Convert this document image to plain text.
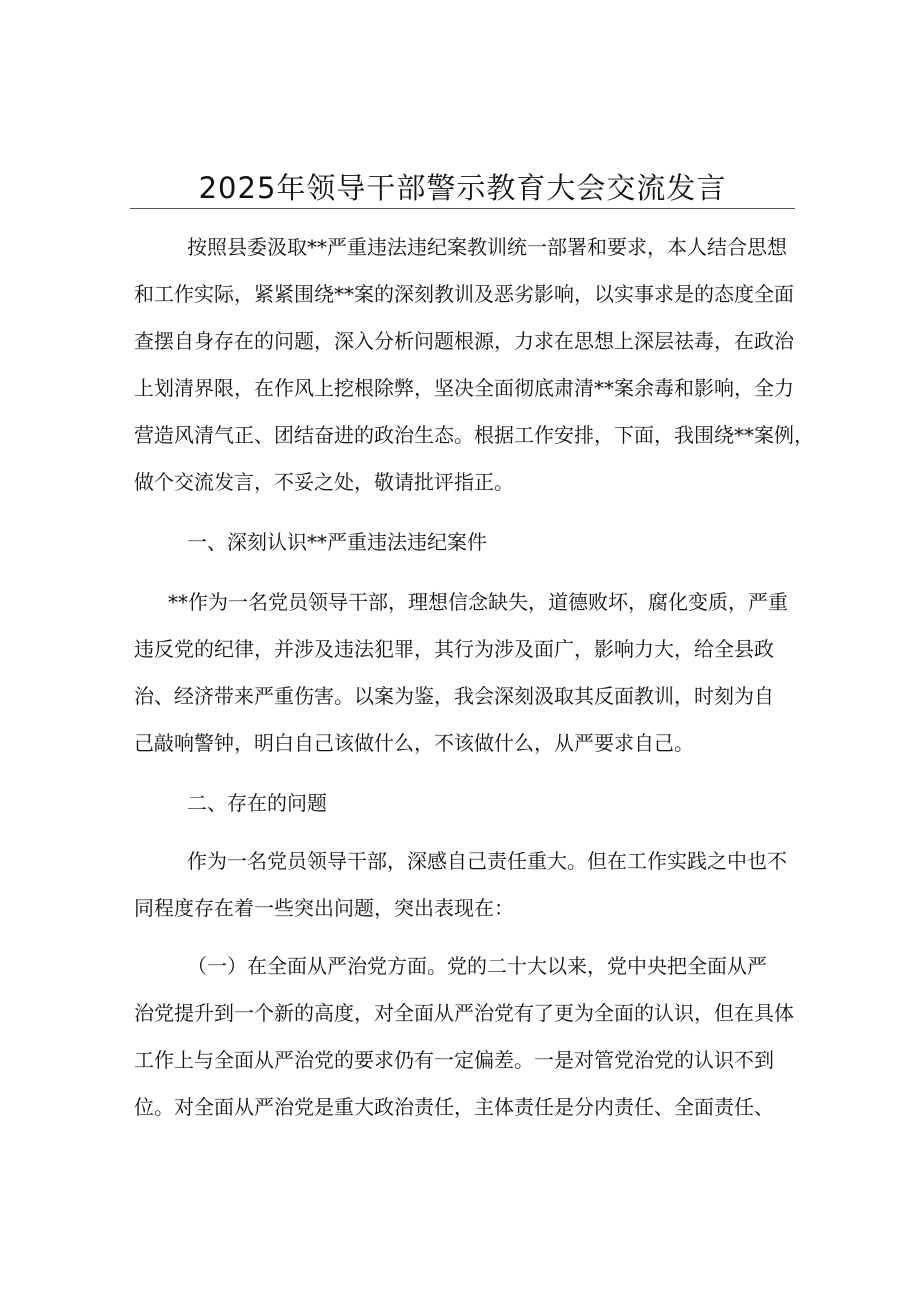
2025年领导干部警示教育大会交流发言
按照县委汲取**严重违法违纪案教训统一部署和要求，本人结合思想
和工作实际，紧紧围绕**案的深刻教训及恶劣影响，以实事求是的态度全面
查摆自身存在的问题，深入分析问题根源，力求在思想上深层祛毒，在政治
上划清界限，在作风上挖根除弊，坚决全面彻底肃清**案余毒和影响，全力
营造风清气正、团结奋进的政治生态。根据工作安排，下面，我围绕**案例，
做个交流发言，不妥之处，敬请批评指正。
一、深刻认识**严重违法违纪案件
**作为一名党员领导干部，理想信念缺失，道德败坏，腐化变质，严重
违反党的纪律，并涉及违法犯罪，其行为涉及面广，影响力大，给全县政
治、经济带来严重伤害。以案为鉴，我会深刻汲取其反面教训，时刻为自
己敲响警钟，明白自己该做什么，不该做什么，从严要求自己。
二、存在的问题
作为一名党员领导干部，深感自己责任重大。但在工作实践之中也不
同程度存在着一些突出问题，突出表现在：
（一）在全面从严治党方面。党的二十大以来，党中央把全面从严
治党提升到一个新的高度，对全面从严治党有了更为全面的认识，但在具体
工作上与全面从严治党的要求仍有一定偏差。一是对管党治党的认识不到
位。对全面从严治党是重大政治责任，主体责任是分内责任、全面责任、
